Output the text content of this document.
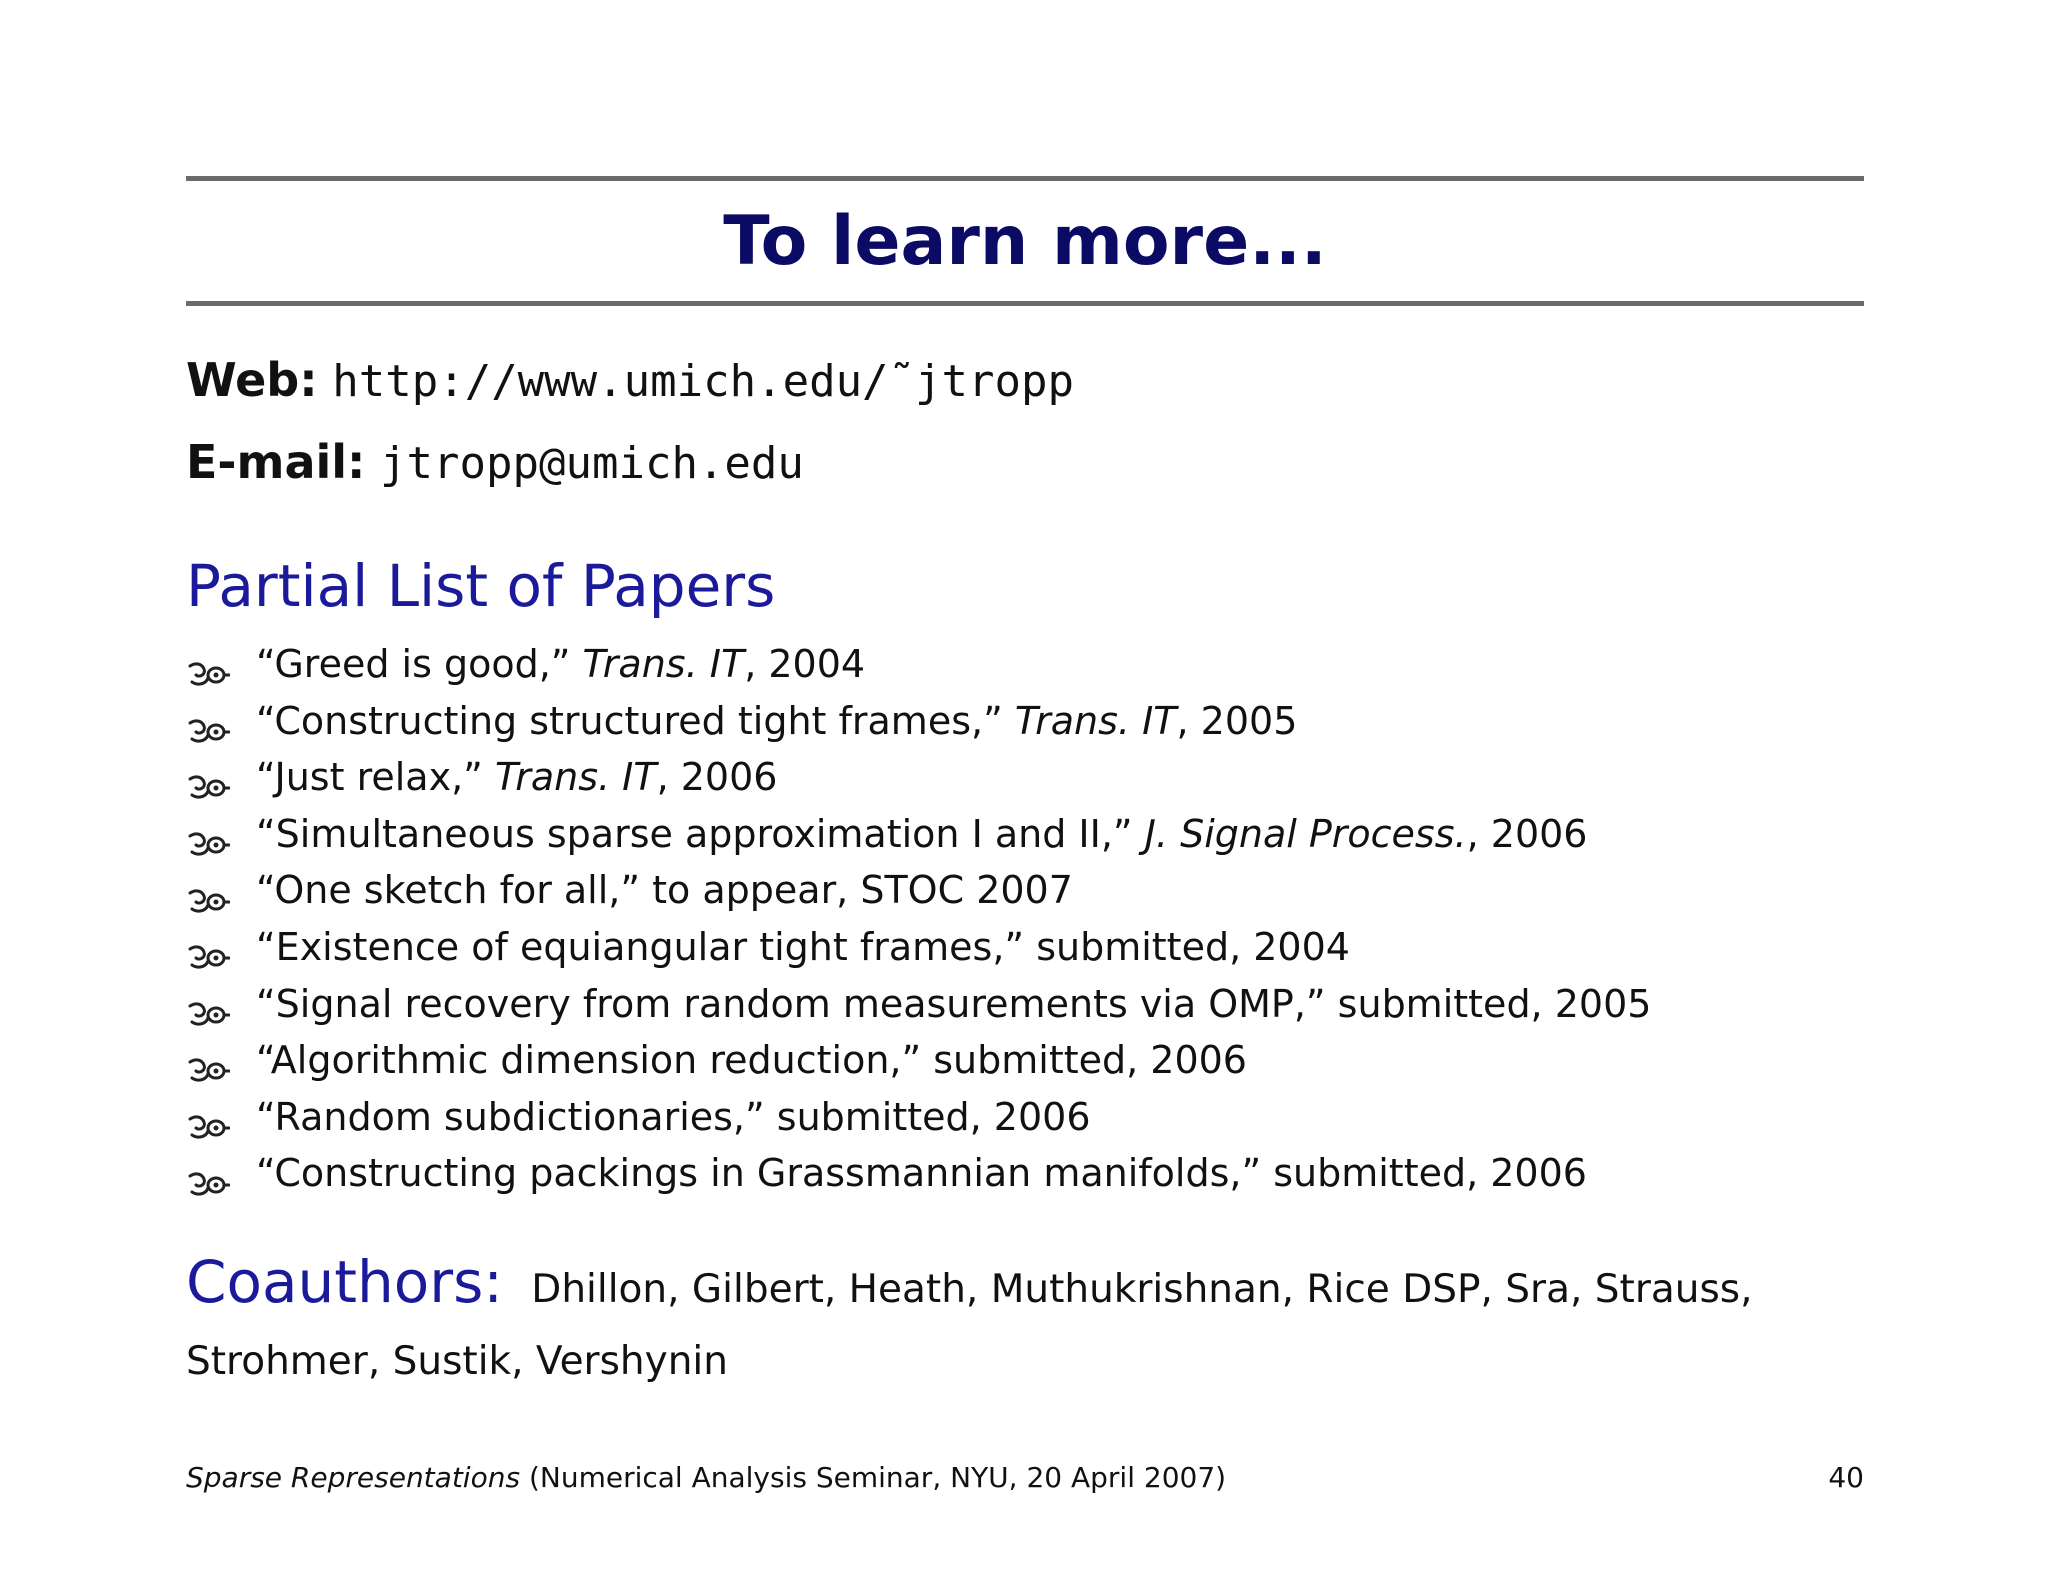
To learn more...
Web: http://www.umich.edu/˜jtropp
E-mail: jtropp@umich.edu
Partial List of Papers
“Greed is good,” Trans. IT, 2004
“Constructing structured tight frames,” Trans. IT, 2005
“Just relax,” Trans. IT, 2006
“Simultaneous sparse approximation I and II,” J. Signal Process., 2006
“One sketch for all,” to appear, STOC 2007
“Existence of equiangular tight frames,” submitted, 2004
“Signal recovery from random measurements via OMP,” submitted, 2005
“Algorithmic dimension reduction,” submitted, 2006
“Random subdictionaries,” submitted, 2006
“Constructing packings in Grassmannian manifolds,” submitted, 2006
Coauthors: Dhillon, Gilbert, Heath, Muthukrishnan, Rice DSP, Sra, Strauss, Strohmer, Sustik, Vershynin
Sparse Representations (Numerical Analysis Seminar, NYU, 20 April 2007)	40
